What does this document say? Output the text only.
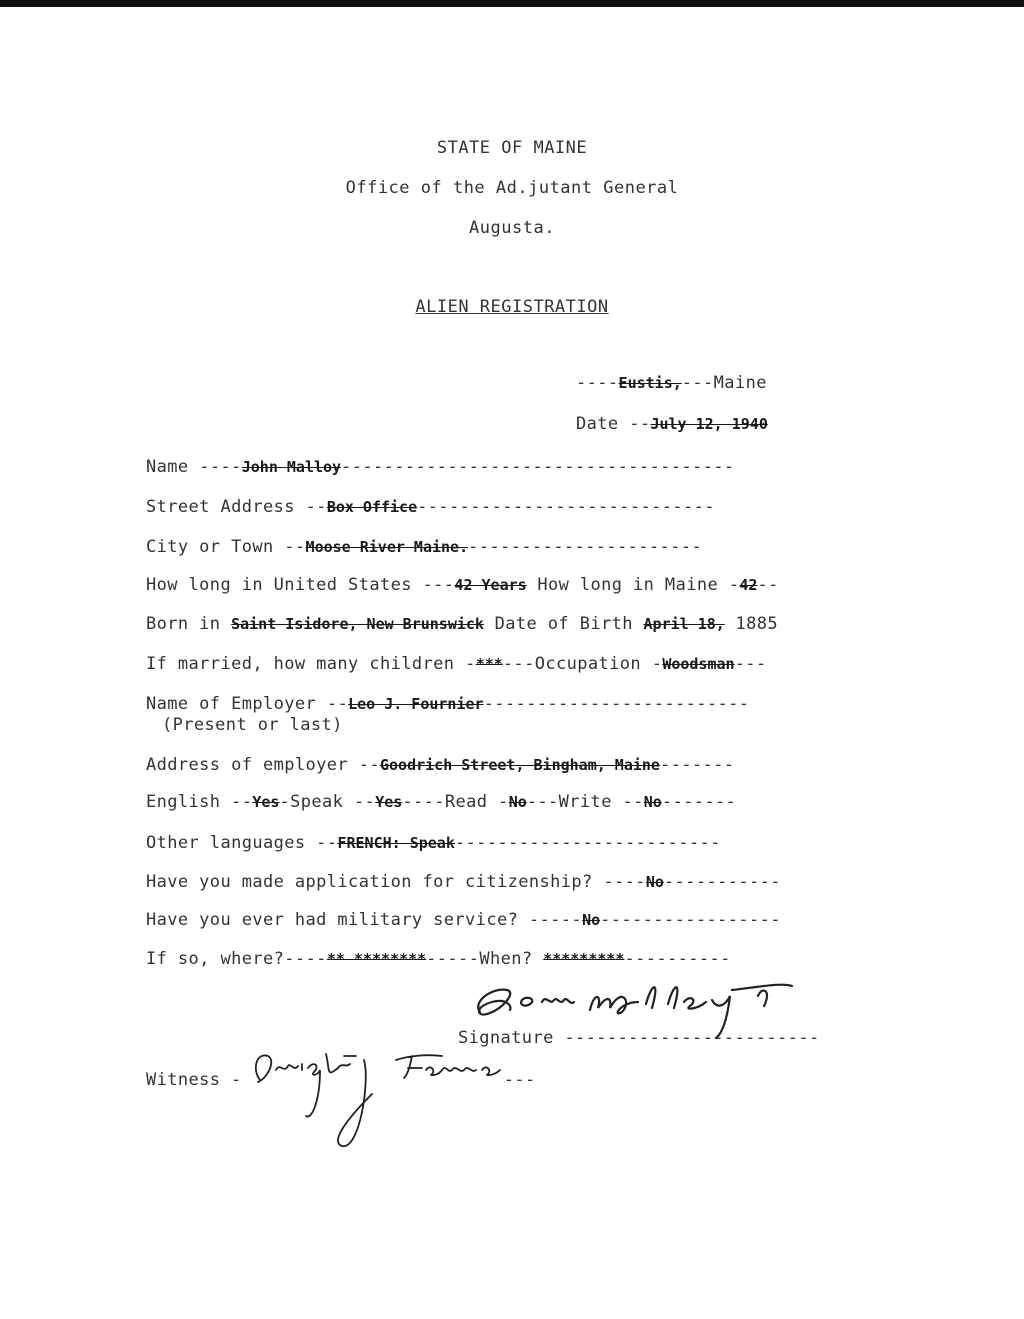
STATE OF MAINE
Office of the Ad.jutant General
Augusta.
ALIEN REGISTRATION
----Eustis,---Maine
Date --July 12, 1940
Name ----John Malloy-------------------------------------
Street Address --Box Office----------------------------
City or Town --Moose River Maine.----------------------
How long in United States ---42 Years How long in Maine -42--
Born in Saint Isidore, New Brunswick Date of Birth April 18, 1885
If married, how many children -***---Occupation -Woodsman---
Name of Employer --Leo J. Fournier-------------------------
(Present or last)
Address of employer --Goodrich Street, Bingham, Maine-------
English --Yes-Speak --Yes----Read -No---Write --No-------
Other languages --FRENCH: Speak-------------------------
Have you made application for citizenship? ----No-----------
Have you ever had military service? -----No-----------------
If so, where?----** ********-----When? *********----------
Signature ------------------------
Witness -	---
